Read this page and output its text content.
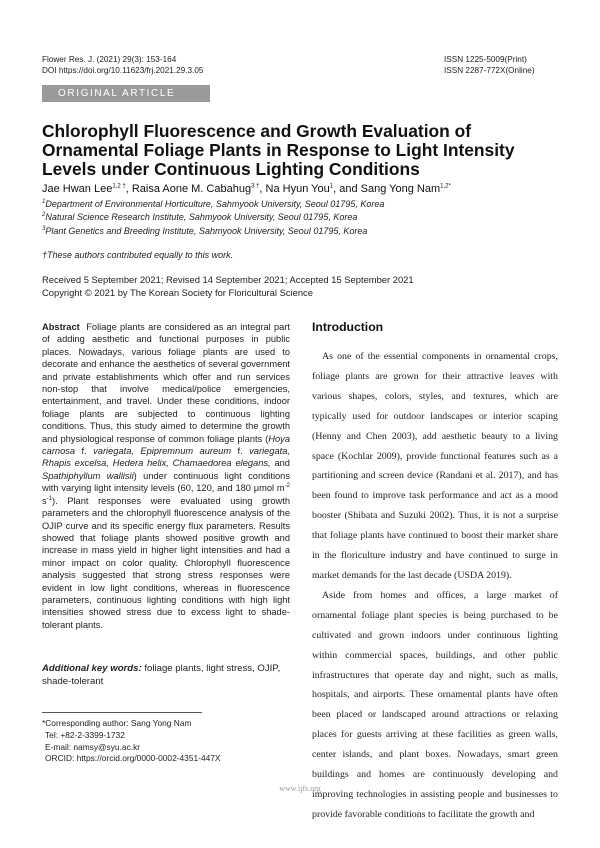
Flower Res. J. (2021) 29(3): 153-164
DOI https://doi.org/10.11623/frj.2021.29.3.05
ISSN 1225-5009(Print)
ISSN 2287-772X(Online)
ORIGINAL ARTICLE
Chlorophyll Fluorescence and Growth Evaluation of Ornamental Foliage Plants in Response to Light Intensity Levels under Continuous Lighting Conditions
Jae Hwan Lee$^{1,2 \dagger}$, Raisa Aone M. Cabahug$^{3 \dagger}$, Na Hyun You$^1$, and Sang Yong Nam$^{1,2*}$
$^1$Department of Environmental Horticulture, Sahmyook University, Seoul 01795, Korea
$^2$Natural Science Research Institute, Sahmyook University, Seoul 01795, Korea
$^3$Plant Genetics and Breeding Institute, Sahmyook University, Seoul 01795, Korea
†These authors contributed equally to this work.
Received 5 September 2021; Revised 14 September 2021; Accepted 15 September 2021
Copyright © 2021 by The Korean Society for Floricultural Science
Abstract Foliage plants are considered as an integral part of adding aesthetic and functional purposes in public places. Nowadays, various foliage plants are used to decorate and enhance the aesthetics of several government and private establishments which offer and run services non-stop that involve medical/police emergencies, entertainment, and travel. Under these conditions, indoor foliage plants are subjected to continuous lighting conditions. Thus, this study aimed to determine the growth and physiological response of common foliage plants (Hoya carnosa f. variegata, Epipremnum aureum f. variegata, Rhapis excelsa, Hedera helix, Chamaedorea elegans, and Spathiphyllum wallisii) under continuous light conditions with varying light intensity levels (60, 120, and 180 μmol $m^{-2}$ $s^{-1}$). Plant responses were evaluated using growth parameters and the chlorophyll fluorescence analysis of the OJIP curve and its specific energy flux parameters. Results showed that foliage plants showed positive growth and increase in mass yield in higher light intensities and had a minor impact on color quality. Chlorophyll fluorescence analysis suggested that strong stress responses were evident in low light conditions, whereas in fluorescence parameters, continuous lighting conditions with high light intensities showed stress due to excess light to shade-tolerant plants.
Additional key words: foliage plants, light stress, OJIP, shade-tolerant
*Corresponding author: Sang Yong Nam
Tel: +82-2-3399-1732
E-mail: namsy@syu.ac.kr
ORCID: https://orcid.org/0000-0002-4351-447X
Introduction

As one of the essential components in ornamental crops, foliage plants are grown for their attractive leaves with various shapes, colors, styles, and textures, which are typically used for outdoor landscapes or interior scaping (Henny and Chen 2003), add aesthetic beauty to a living space (Kochlar 2009), provide functional features such as a partitioning and screen device (Randani et al. 2017), and has been found to improve task performance and act as a mood booster (Shibata and Suzuki 2002). Thus, it is not a surprise that foliage plants have continued to boost their market share in the floriculture industry and have continued to surge in market demands for the last decade (USDA 2019).

Aside from homes and offices, a large market of ornamental foliage plant species is being purchased to be cultivated and grown indoors under continuous lighting within commercial spaces, buildings, and other public infrastructures that operate day and night, such as malls, hospitals, and airports. These ornamental plants have often been placed or landscaped around attractions or relaxing places for guests arriving at these facilities as green walls, center islands, and plant boxes. Nowadays, smart green buildings and homes are continuously developing and improving technologies in assisting people and businesses to provide favorable conditions to facilitate the growth and

www.ijfs.org
